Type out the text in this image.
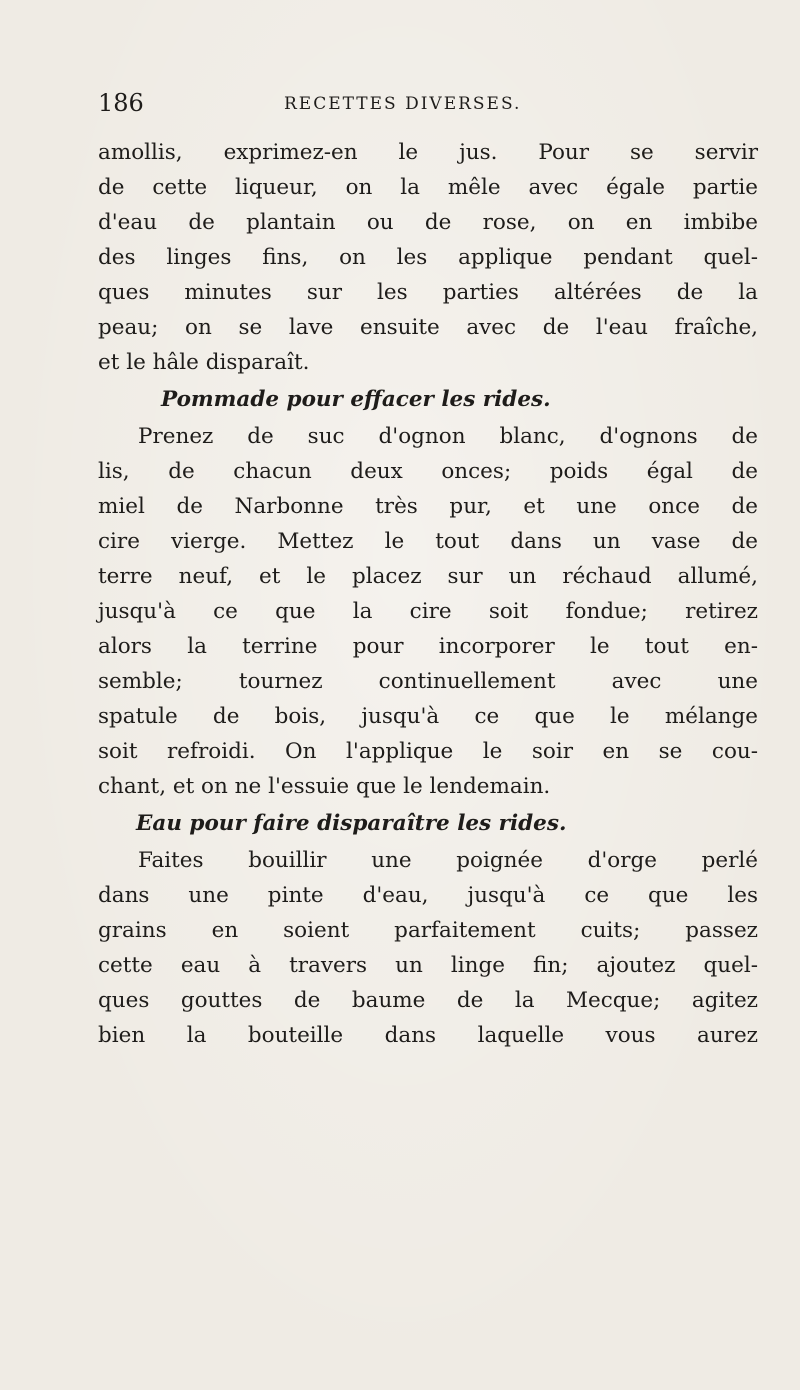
186	RECETTES DIVERSES.
amollis, exprimez-en le jus. Pour se servir
de cette liqueur, on la mêle avec égale partie
d'eau de plantain ou de rose, on en imbibe
des linges fins, on les applique pendant quel-
ques minutes sur les parties altérées de la
peau; on se lave ensuite avec de l'eau fraîche,
et le hâle disparaît.
Pommade pour effacer les rides.
Prenez de suc d'ognon blanc, d'ognons de
lis, de chacun deux onces; poids égal de
miel de Narbonne très pur, et une once de
cire vierge. Mettez le tout dans un vase de
terre neuf, et le placez sur un réchaud allumé,
jusqu'à ce que la cire soit fondue; retirez
alors la terrine pour incorporer le tout en-
semble; tournez continuellement avec une
spatule de bois, jusqu'à ce que le mélange
soit refroidi. On l'applique le soir en se cou-
chant, et on ne l'essuie que le lendemain.
Eau pour faire disparaître les rides.
Faites bouillir une poignée d'orge perlé
dans une pinte d'eau, jusqu'à ce que les
grains en soient parfaitement cuits; passez
cette eau à travers un linge fin; ajoutez quel-
ques gouttes de baume de la Mecque; agitez
bien la bouteille dans laquelle vous aurez
